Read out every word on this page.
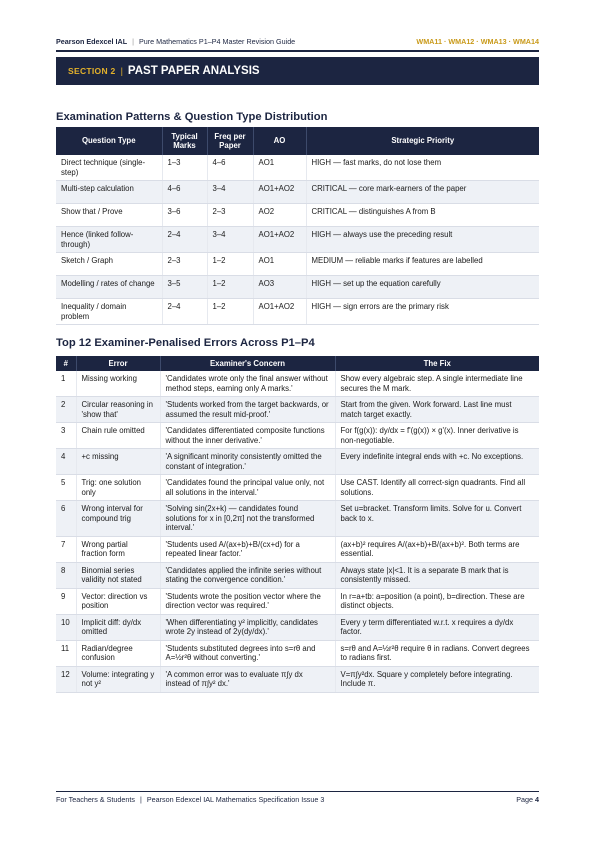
Pearson Edexcel IAL | Pure Mathematics P1–P4 Master Revision Guide	WMA11 · WMA12 · WMA13 · WMA14
SECTION 2 | PAST PAPER ANALYSIS
Examination Patterns & Question Type Distribution
Question Type	Typical Marks	Freq per Paper	AO	Strategic Priority
Direct technique (single-step)	1–3	4–6	AO1	HIGH — fast marks, do not lose them
Multi-step calculation	4–6	3–4	AO1+AO2	CRITICAL — core mark-earners of the paper
Show that / Prove	3–6	2–3	AO2	CRITICAL — distinguishes A from B
Hence (linked follow-through)	2–4	3–4	AO1+AO2	HIGH — always use the preceding result
Sketch / Graph	2–3	1–2	AO1	MEDIUM — reliable marks if features are labelled
Modelling / rates of change	3–5	1–2	AO3	HIGH — set up the equation carefully
Inequality / domain problem	2–4	1–2	AO1+AO2	HIGH — sign errors are the primary risk
Top 12 Examiner-Penalised Errors Across P1–P4
#	Error	Examiner's Concern	The Fix
1	Missing working	'Candidates wrote only the final answer without method steps, earning only A marks.'	Show every algebraic step. A single intermediate line secures the M mark.
2	Circular reasoning in 'show that'	'Students worked from the target backwards, or assumed the result mid-proof.'	Start from the given. Work forward. Last line must match target exactly.
3	Chain rule omitted	'Candidates differentiated composite functions without the inner derivative.'	For f(g(x)): dy/dx = f'(g(x)) × g'(x). Inner derivative is non-negotiable.
4	+c missing	'A significant minority consistently omitted the constant of integration.'	Every indefinite integral ends with +c. No exceptions.
5	Trig: one solution only	'Candidates found the principal value only, not all solutions in the interval.'	Use CAST. Identify all correct-sign quadrants. Find all solutions.
6	Wrong interval for compound trig	'Solving sin(2x+k) — candidates found solutions for x in [0,2π] not the transformed interval.'	Set u=bracket. Transform limits. Solve for u. Convert back to x.
7	Wrong partial fraction form	'Students used A/(ax+b)+B/(cx+d) for a repeated linear factor.'	(ax+b)² requires A/(ax+b)+B/(ax+b)². Both terms are essential.
8	Binomial series validity not stated	'Candidates applied the infinite series without stating the convergence condition.'	Always state |x|<1. It is a separate B mark that is consistently missed.
9	Vector: direction vs position	'Students wrote the position vector where the direction vector was required.'	In r=a+tb: a=position (a point), b=direction. These are distinct objects.
10	Implicit diff: dy/dx omitted	'When differentiating y² implicitly, candidates wrote 2y instead of 2y(dy/dx).'	Every y term differentiated w.r.t. x requires a dy/dx factor.
11	Radian/degree confusion	'Students substituted degrees into s=rθ and A=½r²θ without converting.'	s=rθ and A=½r²θ require θ in radians. Convert degrees to radians first.
12	Volume: integrating y not y²	'A common error was to evaluate π∫y dx instead of π∫y² dx.'	V=π∫y²dx. Square y completely before integrating. Include π.
For Teachers & Students | Pearson Edexcel IAL Mathematics Specification Issue 3	Page 4
